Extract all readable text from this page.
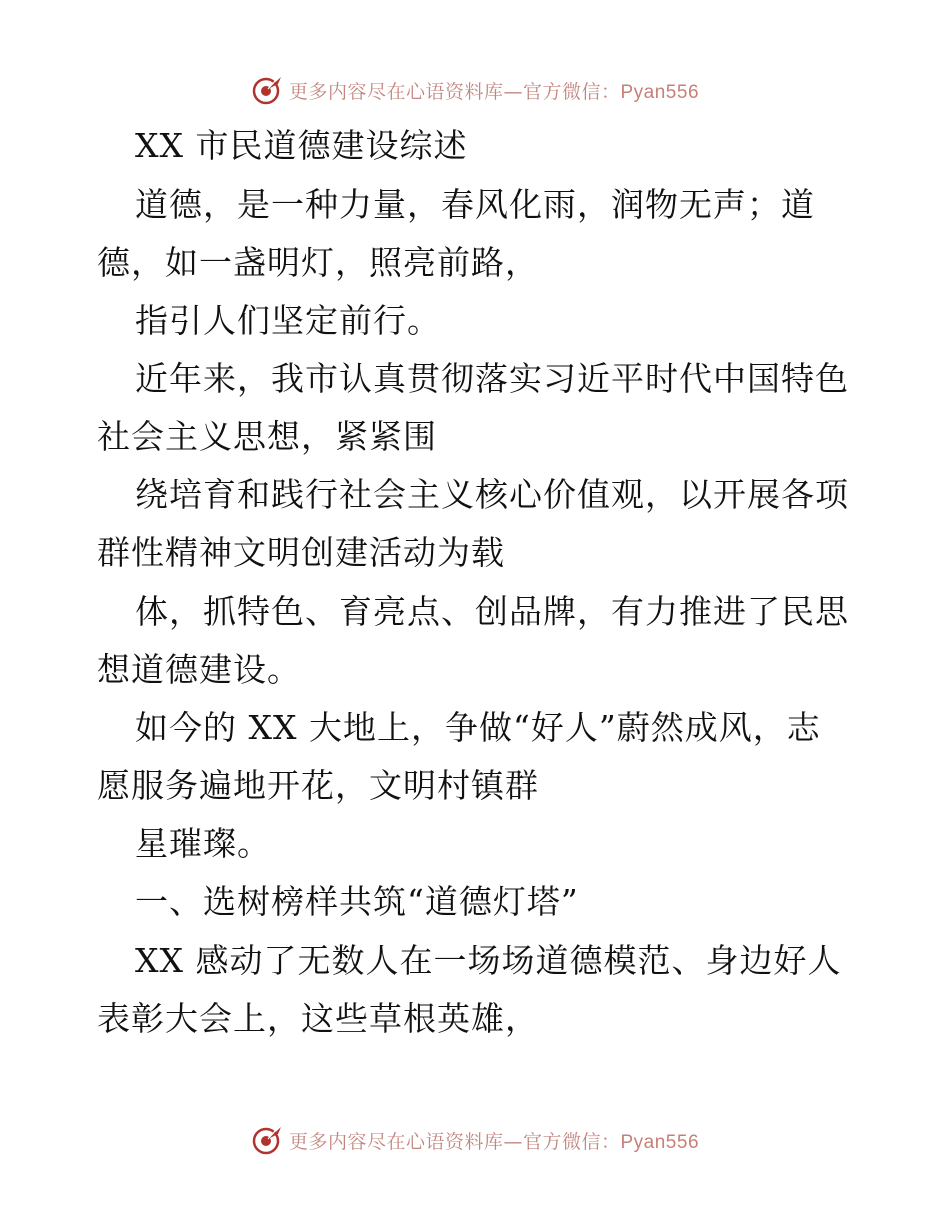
更多内容尽在心语资料库—官方微信：Pyan556
XX 市民道德建设综述
道德，是一种力量，春风化雨，润物无声；道
德，如一盏明灯，照亮前路，
指引人们坚定前行。
近年来，我市认真贯彻落实习近平时代中国特色
社会主义思想，紧紧围
绕培育和践行社会主义核心价值观，以开展各项
群性精神文明创建活动为载
体，抓特色、育亮点、创品牌，有力推进了民思
想道德建设。
如今的 XX 大地上，争做“好人”蔚然成风，志
愿服务遍地开花，文明村镇群
星璀璨。
一、选树榜样共筑“道德灯塔”
XX 感动了无数人在一场场道德模范、身边好人
表彰大会上，这些草根英雄，
更多内容尽在心语资料库—官方微信：Pyan556
